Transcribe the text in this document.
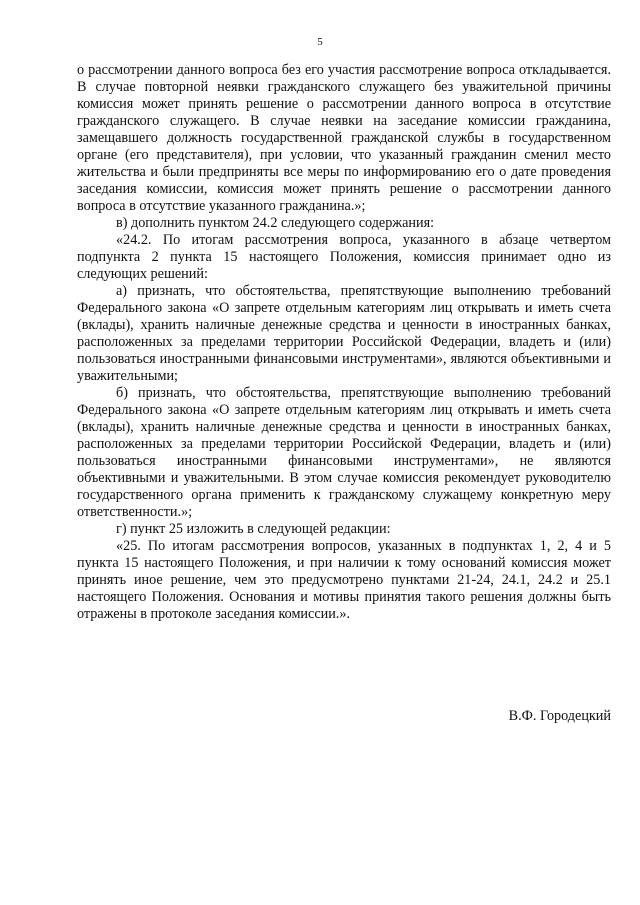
5

о рассмотрении данного вопроса без его участия рассмотрение вопроса откладывается. В случае повторной неявки гражданского служащего без уважительной причины комиссия может принять решение о рассмотрении данного вопроса в отсутствие гражданского служащего. В случае неявки на заседание комиссии гражданина, замещавшего должность государственной гражданской службы в государственном органе (его представителя), при условии, что указанный гражданин сменил место жительства и были предприняты все меры по информированию его о дате проведения заседания комиссии, комиссия может принять решение о рассмотрении данного вопроса в отсутствие указанного гражданина.»;

в) дополнить пунктом 24.2 следующего содержания:

«24.2. По итогам рассмотрения вопроса, указанного в абзаце четвертом подпункта 2 пункта 15 настоящего Положения, комиссия принимает одно из следующих решений:

а) признать, что обстоятельства, препятствующие выполнению требований Федерального закона «О запрете отдельным категориям лиц открывать и иметь счета (вклады), хранить наличные денежные средства и ценности в иностранных банках, расположенных за пределами территории Российской Федерации, владеть и (или) пользоваться иностранными финансовыми инструментами», являются объективными и уважительными;

б) признать, что обстоятельства, препятствующие выполнению требований Федерального закона «О запрете отдельным категориям лиц открывать и иметь счета (вклады), хранить наличные денежные средства и ценности в иностранных банках, расположенных за пределами территории Российской Федерации, владеть и (или) пользоваться иностранными финансовыми инструментами», не являются объективными и уважительными. В этом случае комиссия рекомендует руководителю государственного органа применить к гражданскому служащему конкретную меру ответственности.»;

г) пункт 25 изложить в следующей редакции:

«25. По итогам рассмотрения вопросов, указанных в подпунктах 1, 2, 4 и 5 пункта 15 настоящего Положения, и при наличии к тому оснований комиссия может принять иное решение, чем это предусмотрено пунктами 21-24, 24.1, 24.2 и 25.1 настоящего Положения. Основания и мотивы принятия такого решения должны быть отражены в протоколе заседания комиссии.».

В.Ф. Городецкий
